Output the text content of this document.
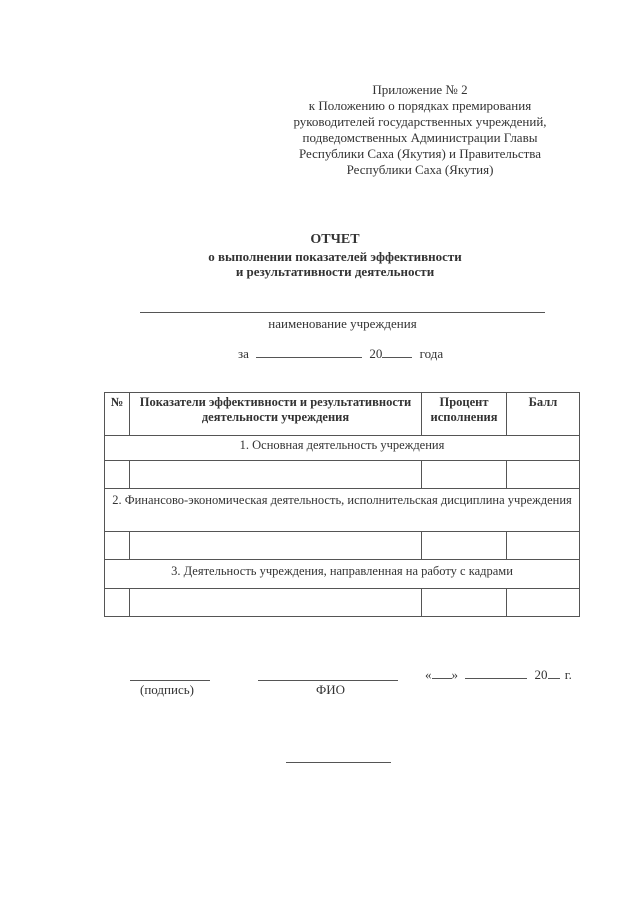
Приложение № 2
к Положению о порядках премирования
руководителей государственных учреждений,
подведомственных Администрации Главы
Республики Саха (Якутия) и Правительства
Республики Саха (Якутия)
ОТЧЕТ
о выполнении показателей эффективности
и результативности деятельности
наименование учреждения
за	20	года
№	Показатели эффективности и результативности деятельности учреждения	Процент исполнения	Балл
1. Основная деятельность учреждения			

2. Финансово-экономическая деятельность, исполнительская дисциплина учреждения			

3. Деятельность учреждения, направленная на работу с кадрами			

« »	20 г.
(подпись)	ФИО
